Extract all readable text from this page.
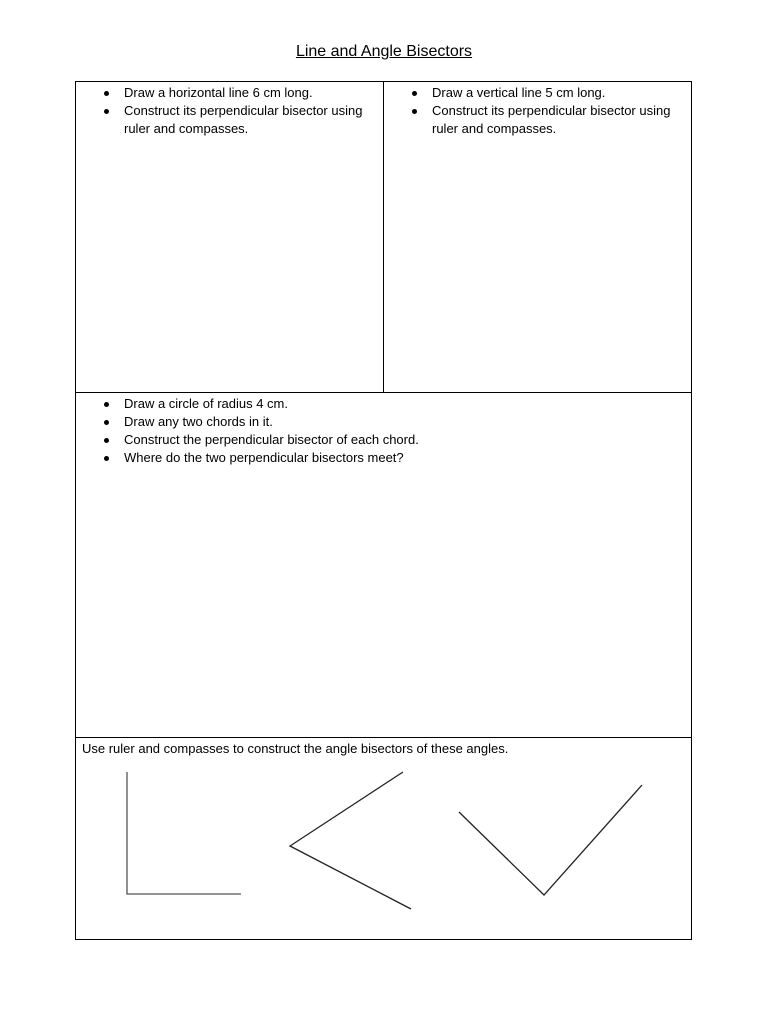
Line and Angle Bisectors
Draw a horizontal line 6 cm long.
Construct its perpendicular bisector using ruler and compasses.
Draw a vertical line 5 cm long.
Construct its perpendicular bisector using ruler and compasses.
Draw a circle of radius 4 cm.
Draw any two chords in it.
Construct the perpendicular bisector of each chord.
Where do the two perpendicular bisectors meet?
Use ruler and compasses to construct the angle bisectors of these angles.
